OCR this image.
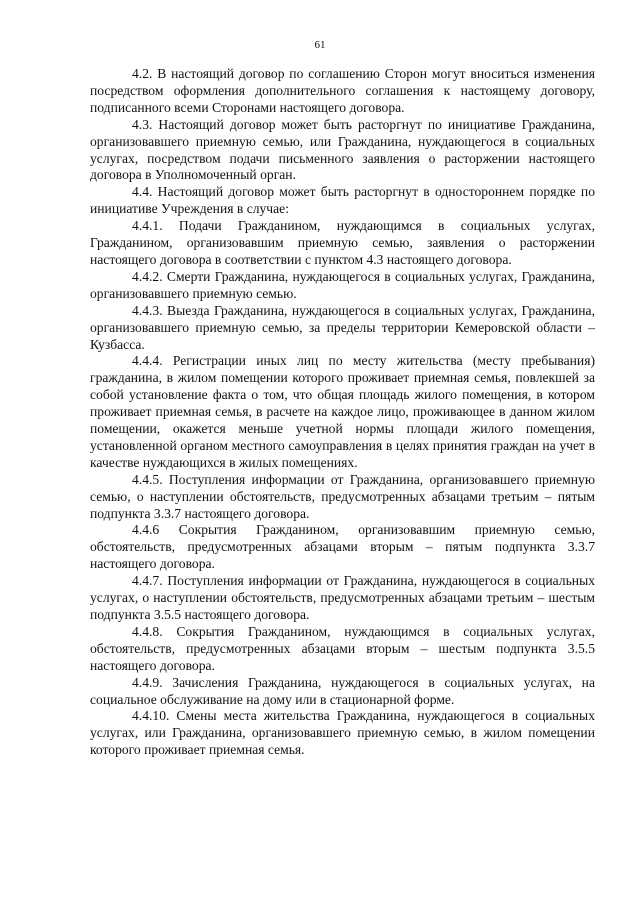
61

4.2. В настоящий договор по соглашению Сторон могут вноситься изменения посредством оформления дополнительного соглашения к настоящему договору, подписанного всеми Сторонами настоящего договора.

4.3. Настоящий договор может быть расторгнут по инициативе Гражданина, организовавшего приемную семью, или Гражданина, нуждающегося в социальных услугах, посредством подачи письменного заявления о расторжении настоящего договора в Уполномоченный орган.

4.4. Настоящий договор может быть расторгнут в одностороннем порядке по инициативе Учреждения в случае:

4.4.1. Подачи Гражданином, нуждающимся в социальных услугах, Гражданином, организовавшим приемную семью, заявления о расторжении настоящего договора в соответствии с пунктом 4.3 настоящего договора.

4.4.2. Смерти Гражданина, нуждающегося в социальных услугах, Гражданина, организовавшего приемную семью.

4.4.3. Выезда Гражданина, нуждающегося в социальных услугах, Гражданина, организовавшего приемную семью, за пределы территории Кемеровской области – Кузбасса.

4.4.4. Регистрации иных лиц по месту жительства (месту пребывания) гражданина, в жилом помещении которого проживает приемная семья, повлекшей за собой установление факта о том, что общая площадь жилого помещения, в котором проживает приемная семья, в расчете на каждое лицо, проживающее в данном жилом помещении, окажется меньше учетной нормы площади жилого помещения, установленной органом местного самоуправления в целях принятия граждан на учет в качестве нуждающихся в жилых помещениях.

4.4.5. Поступления информации от Гражданина, организовавшего приемную семью, о наступлении обстоятельств, предусмотренных абзацами третьим – пятым подпункта 3.3.7 настоящего договора.

4.4.6 Сокрытия Гражданином, организовавшим приемную семью, обстоятельств, предусмотренных абзацами вторым – пятым подпункта 3.3.7 настоящего договора.

4.4.7. Поступления информации от Гражданина, нуждающегося в социальных услугах, о наступлении обстоятельств, предусмотренных абзацами третьим – шестым подпункта 3.5.5 настоящего договора.

4.4.8. Сокрытия Гражданином, нуждающимся в социальных услугах, обстоятельств, предусмотренных абзацами вторым – шестым подпункта 3.5.5 настоящего договора.

4.4.9. Зачисления Гражданина, нуждающегося в социальных услугах, на социальное обслуживание на дому или в стационарной форме.

4.4.10. Смены места жительства Гражданина, нуждающегося в социальных услугах, или Гражданина, организовавшего приемную семью, в жилом помещении которого проживает приемная семья.
